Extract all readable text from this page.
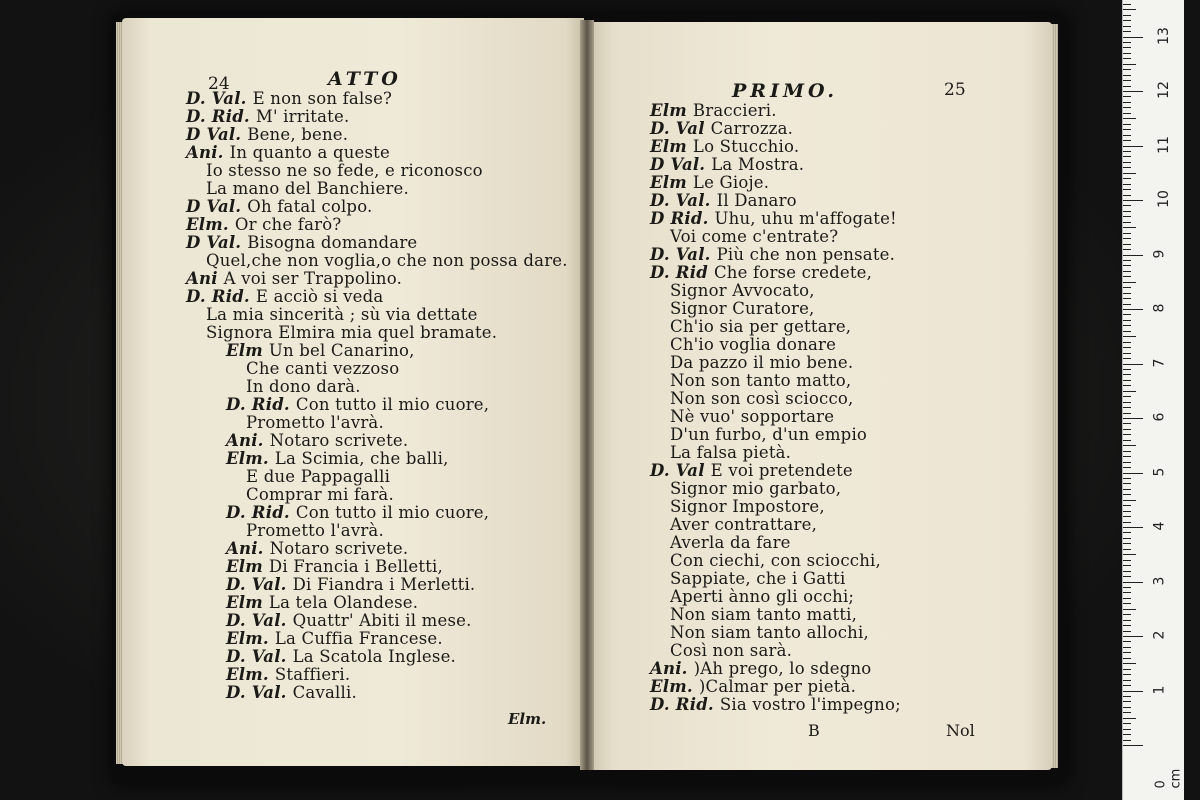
24	ATTO
D. Val. E non son false?
D. Rid. M' irritate.
D Val. Bene, bene.
Ani. In quanto a queste
Io stesso ne so fede, e riconosco
La mano del Banchiere.
D Val. Oh fatal colpo.
Elm. Or che farò?
D Val. Bisogna domandare
Quel,che non voglia,o che non possa dare.
Ani A voi ser Trappolino.
D. Rid. E acciò si veda
La mia sincerità ; sù via dettate
Signora Elmira mia quel bramate.
Elm Un bel Canarino,
Che canti vezzoso
In dono darà.
D. Rid. Con tutto il mio cuore,
Prometto l'avrà.
Ani. Notaro scrivete.
Elm. La Scimia, che balli,
E due Pappagalli
Comprar mi farà.
D. Rid. Con tutto il mio cuore,
Prometto l'avrà.
Ani. Notaro scrivete.
Elm Di Francia i Belletti,
D. Val. Di Fiandra i Merletti.
Elm La tela Olandese.
D. Val. Quattr' Abiti il mese.
Elm. La Cuffia Francese.
D. Val. La Scatola Inglese.
Elm. Staffieri.
D. Val. Cavalli.
Elm.
PRIMO.	25
Elm Braccieri.
D. Val Carrozza.
Elm Lo Stucchio.
D Val. La Mostra.
Elm Le Gioje.
D. Val. Il Danaro
D Rid. Uhu, uhu m'affogate!
Voi come c'entrate?
D. Val. Più che non pensate.
D. Rid Che forse credete,
Signor Avvocato,
Signor Curatore,
Ch'io sia per gettare,
Ch'io voglia donare
Da pazzo il mio bene.
Non son tanto matto,
Non son così sciocco,
Nè vuo' sopportare
D'un furbo, d'un empio
La falsa pietà.
D. Val E voi pretendete
Signor mio garbato,
Signor Impostore,
Aver contrattare,
Averla da fare
Con ciechi, con sciocchi,
Sappiate, che i Gatti
Aperti ànno gli occhi;
Non siam tanto matti,
Non siam tanto allochi,
Così non sarà.
Ani. )Ah prego, lo sdegno
Elm. )Calmar per pietà.
D. Rid. Sia vostro l'impegno;
B	Nol
0 cm
1
2
3
4
5
6
7
8
9
10
11
12
13
